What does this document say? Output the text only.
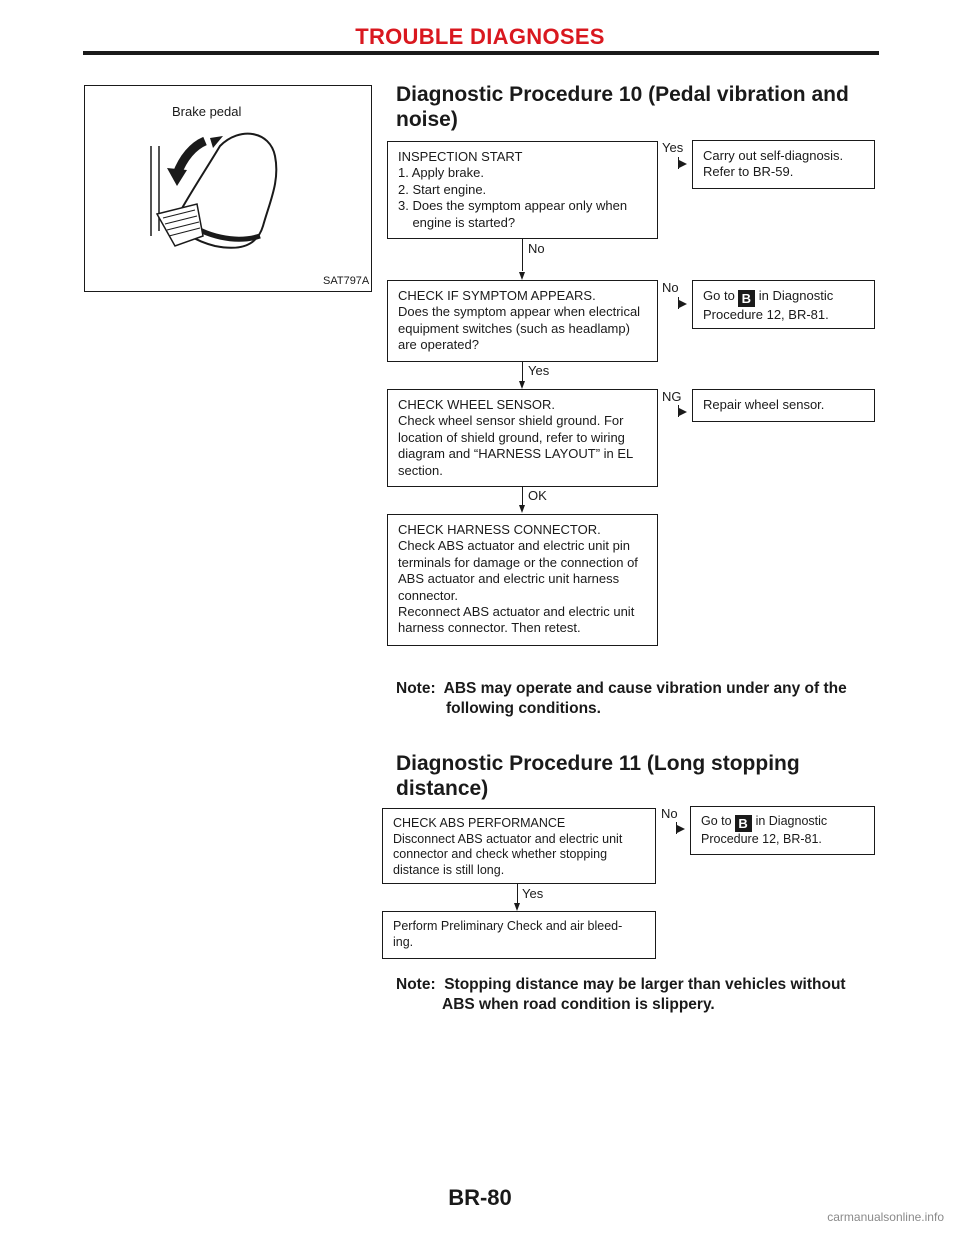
TROUBLE DIAGNOSES
Brake pedal
SAT797A
Diagnostic Procedure 10 (Pedal vibration and
noise)
INSPECTION START
1. Apply brake.
2. Start engine.
3. Does the symptom appear only when
engine is started?
Yes
Carry out self-diagnosis.
Refer to BR-59.
No
CHECK IF SYMPTOM APPEARS.
Does the symptom appear when electrical
equipment switches (such as headlamp)
are operated?
No
Go to B in Diagnostic
Procedure 12, BR-81.
Yes
CHECK WHEEL SENSOR.
Check wheel sensor shield ground. For
location of shield ground, refer to wiring
diagram and “HARNESS LAYOUT” in EL
section.
NG
Repair wheel sensor.
OK
CHECK HARNESS CONNECTOR.
Check ABS actuator and electric unit pin
terminals for damage or the connection of
ABS actuator and electric unit harness
connector.
Reconnect ABS actuator and electric unit
harness connector. Then retest.
Note:  ABS may operate and cause vibration under any of the
following conditions.
Diagnostic Procedure 11 (Long stopping
distance)
CHECK ABS PERFORMANCE
Disconnect ABS actuator and electric unit
connector and check whether stopping
distance is still long.
No Go to B in Diagnostic
Procedure 12, BR-81.
Yes
Perform Preliminary Check and air bleed-
ing.
Note:  Stopping distance may be larger than vehicles without
ABS when road condition is slippery.
BR-80
carmanualsonline.info
